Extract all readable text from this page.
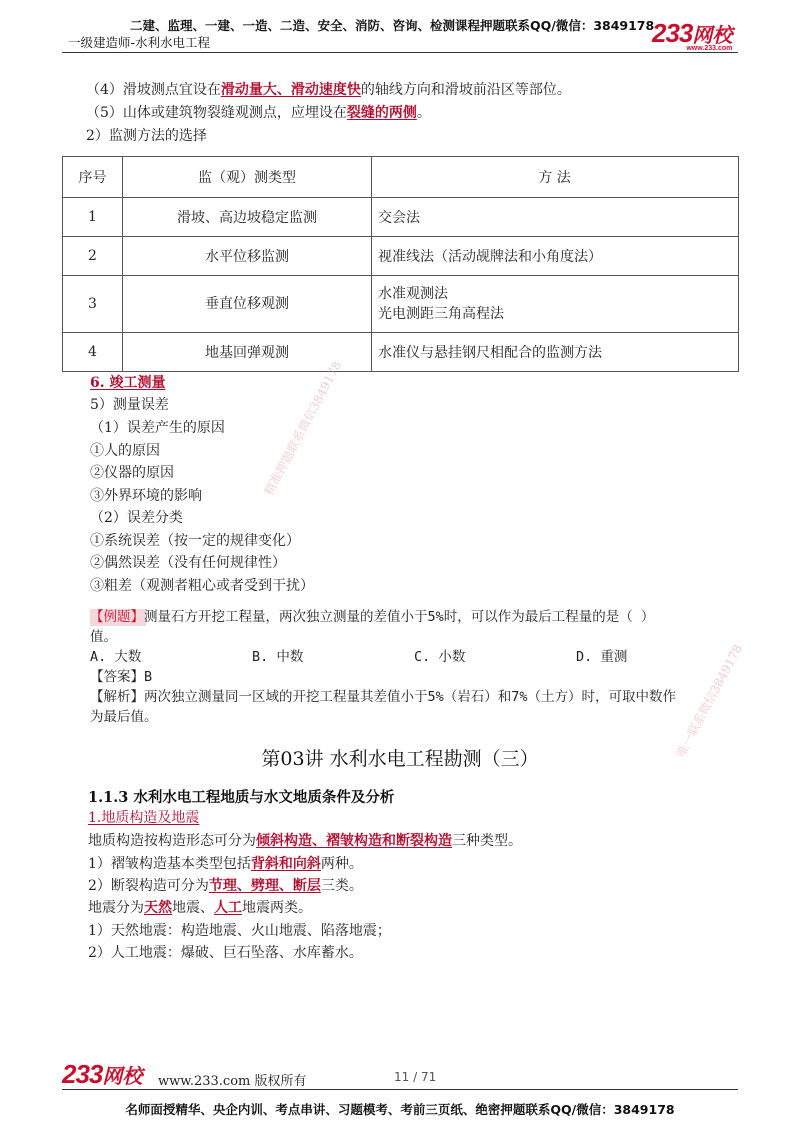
二建、监理、一建、一造、二造、安全、消防、咨询、检测课程押题联系QQ/微信：3849178
一级建造师-水利水电工程	233网校
www.233.com
（4）滑坡测点宜设在滑动量大、滑动速度快的轴线方向和滑坡前沿区等部位。
（5）山体或建筑物裂缝观测点，应埋设在裂缝的两侧。
2）监测方法的选择
序号	监（观）测类型	方 法
1	滑坡、高边坡稳定监测	交会法
2	水平位移监测	视准线法（活动觇牌法和小角度法）
3	垂直位移观测	水准观测法
光电测距三角高程法

4	地基回弹观测	水准仪与悬挂钢尺相配合的监测方法
6. 竣工测量
5）测量误差
（1）误差产生的原因
①人的原因
②仪器的原因
③外界环境的影响
（2）误差分类
①系统误差（按一定的规律变化）
②偶然误差（没有任何规律性）
③粗差（观测者粗心或者受到干扰）
【例题】测量石方开挖工程量，两次独立测量的差值小于5%时，可以作为最后工程量的是（ ）
值。
A. 大数	B. 中数	C. 小数	D. 重测
【答案】B
【解析】两次独立测量同一区域的开挖工程量其差值小于5%（岩石）和7%（土方）时，可取中数作
为最后值。
第03讲 水利水电工程勘测（三）
1.1.3 水利水电工程地质与水文地质条件及分析
1.地质构造及地震
地质构造按构造形态可分为倾斜构造、褶皱构造和断裂构造三种类型。
1）褶皱构造基本类型包括背斜和向斜两种。
2）断裂构造可分为节理、劈理、断层三类。
地震分为天然地震、人工地震两类。
1）天然地震：构造地震、火山地震、陷落地震；
2）人工地震：爆破、巨石坠落、水库蓄水。
精准押题联系微信3849178
唯一联系微信3849178
233网校 www.233.com 版权所有	11 / 71
名师面授精华、央企内训、考点串讲、习题模考、考前三页纸、绝密押题联系QQ/微信：3849178
